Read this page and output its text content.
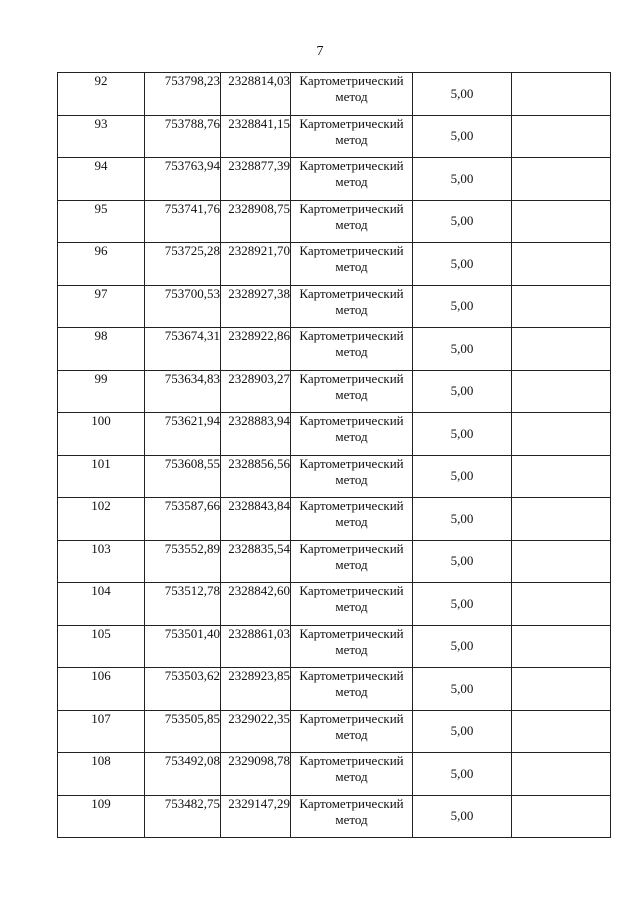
7
92	753798,23	2328814,03	Картометрический
метод	5,00	
93	753788,76	2328841,15	Картометрический
метод	5,00	
94	753763,94	2328877,39	Картометрический
метод	5,00	
95	753741,76	2328908,75	Картометрический
метод	5,00	
96	753725,28	2328921,70	Картометрический
метод	5,00	
97	753700,53	2328927,38	Картометрический
метод	5,00	
98	753674,31	2328922,86	Картометрический
метод	5,00	
99	753634,83	2328903,27	Картометрический
метод	5,00	
100	753621,94	2328883,94	Картометрический
метод	5,00	
101	753608,55	2328856,56	Картометрический
метод	5,00	
102	753587,66	2328843,84	Картометрический
метод	5,00	
103	753552,89	2328835,54	Картометрический
метод	5,00	
104	753512,78	2328842,60	Картометрический
метод	5,00	
105	753501,40	2328861,03	Картометрический
метод	5,00	
106	753503,62	2328923,85	Картометрический
метод	5,00	
107	753505,85	2329022,35	Картометрический
метод	5,00	
108	753492,08	2329098,78	Картометрический
метод	5,00	
109	753482,75	2329147,29	Картометрический
метод	5,00	
